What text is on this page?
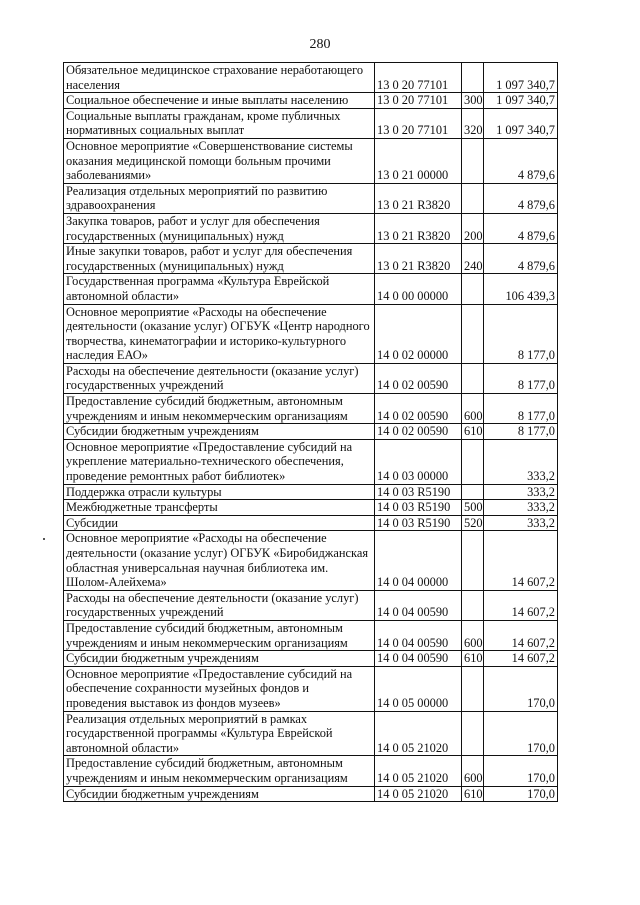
280
Обязательное медицинское страхование неработающего населения	13 0 20 77101		1 097 340,7
Социальное обеспечение и иные выплаты населению	13 0 20 77101	300	1 097 340,7
Социальные выплаты гражданам, кроме публичных нормативных социальных выплат	13 0 20 77101	320	1 097 340,7
Основное мероприятие «Совершенствование системы оказания медицинской помощи больным прочими заболеваниями»	13 0 21 00000		4 879,6
Реализация отдельных мероприятий по развитию здравоохранения	13 0 21 R3820		4 879,6
Закупка товаров, работ и услуг для обеспечения государственных (муниципальных) нужд	13 0 21 R3820	200	4 879,6
Иные закупки товаров, работ и услуг для обеспечения государственных (муниципальных) нужд	13 0 21 R3820	240	4 879,6
Государственная программа «Культура Еврейской автономной области»	14 0 00 00000		106 439,3
Основное мероприятие «Расходы на обеспечение деятельности (оказание услуг) ОГБУК «Центр народного творчества, кинематографии и историко-культурного наследия ЕАО»	14 0 02 00000		8 177,0
Расходы на обеспечение деятельности (оказание услуг) государственных учреждений	14 0 02 00590		8 177,0
Предоставление субсидий бюджетным, автономным учреждениям и иным некоммерческим организациям	14 0 02 00590	600	8 177,0
Субсидии бюджетным учреждениям	14 0 02 00590	610	8 177,0
Основное мероприятие «Предоставление субсидий на укрепление материально-технического обеспечения, проведение ремонтных работ библиотек»	14 0 03 00000		333,2
Поддержка отрасли культуры	14 0 03 R5190		333,2
Межбюджетные трансферты	14 0 03 R5190	500	333,2
Субсидии	14 0 03 R5190	520	333,2
Основное мероприятие «Расходы на обеспечение деятельности (оказание услуг) ОГБУК «Биробиджанская областная универсальная научная библиотека им. Шолом-Алейхема»	14 0 04 00000		14 607,2
Расходы на обеспечение деятельности (оказание услуг) государственных учреждений	14 0 04 00590		14 607,2
Предоставление субсидий бюджетным, автономным учреждениям и иным некоммерческим организациям	14 0 04 00590	600	14 607,2
Субсидии бюджетным учреждениям	14 0 04 00590	610	14 607,2
Основное мероприятие «Предоставление субсидий на обеспечение сохранности музейных фондов и проведения выставок из фондов музеев»	14 0 05 00000		170,0
Реализация отдельных мероприятий в рамках государственной программы «Культура Еврейской автономной области»	14 0 05 21020		170,0
Предоставление субсидий бюджетным, автономным учреждениям и иным некоммерческим организациям	14 0 05 21020	600	170,0
Субсидии бюджетным учреждениям	14 0 05 21020	610	170,0
